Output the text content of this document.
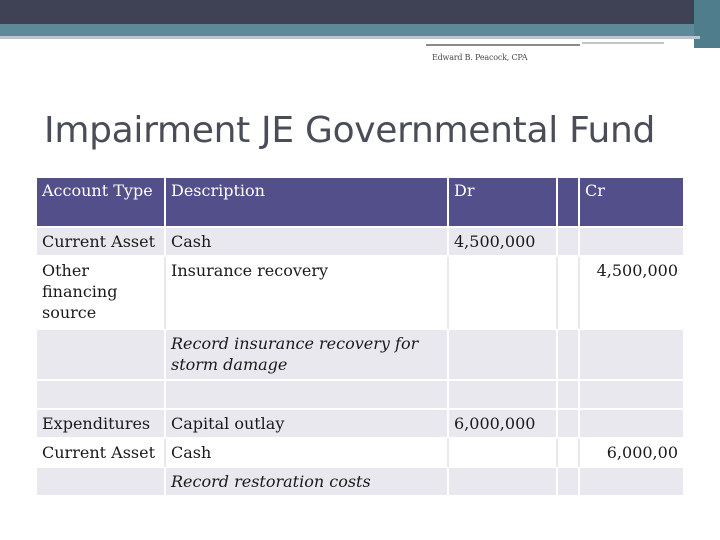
Edward B. Peacock, CPA
Impairment JE Governmental Fund
Account Type	Description	Dr		Cr
Current Asset	Cash	4,500,000		
Other financing source	Insurance recovery			4,500,000
	Record insurance recovery for storm damage			

Expenditures	Capital outlay	6,000,000		
Current Asset	Cash			6,000,00
	Record restoration costs			
